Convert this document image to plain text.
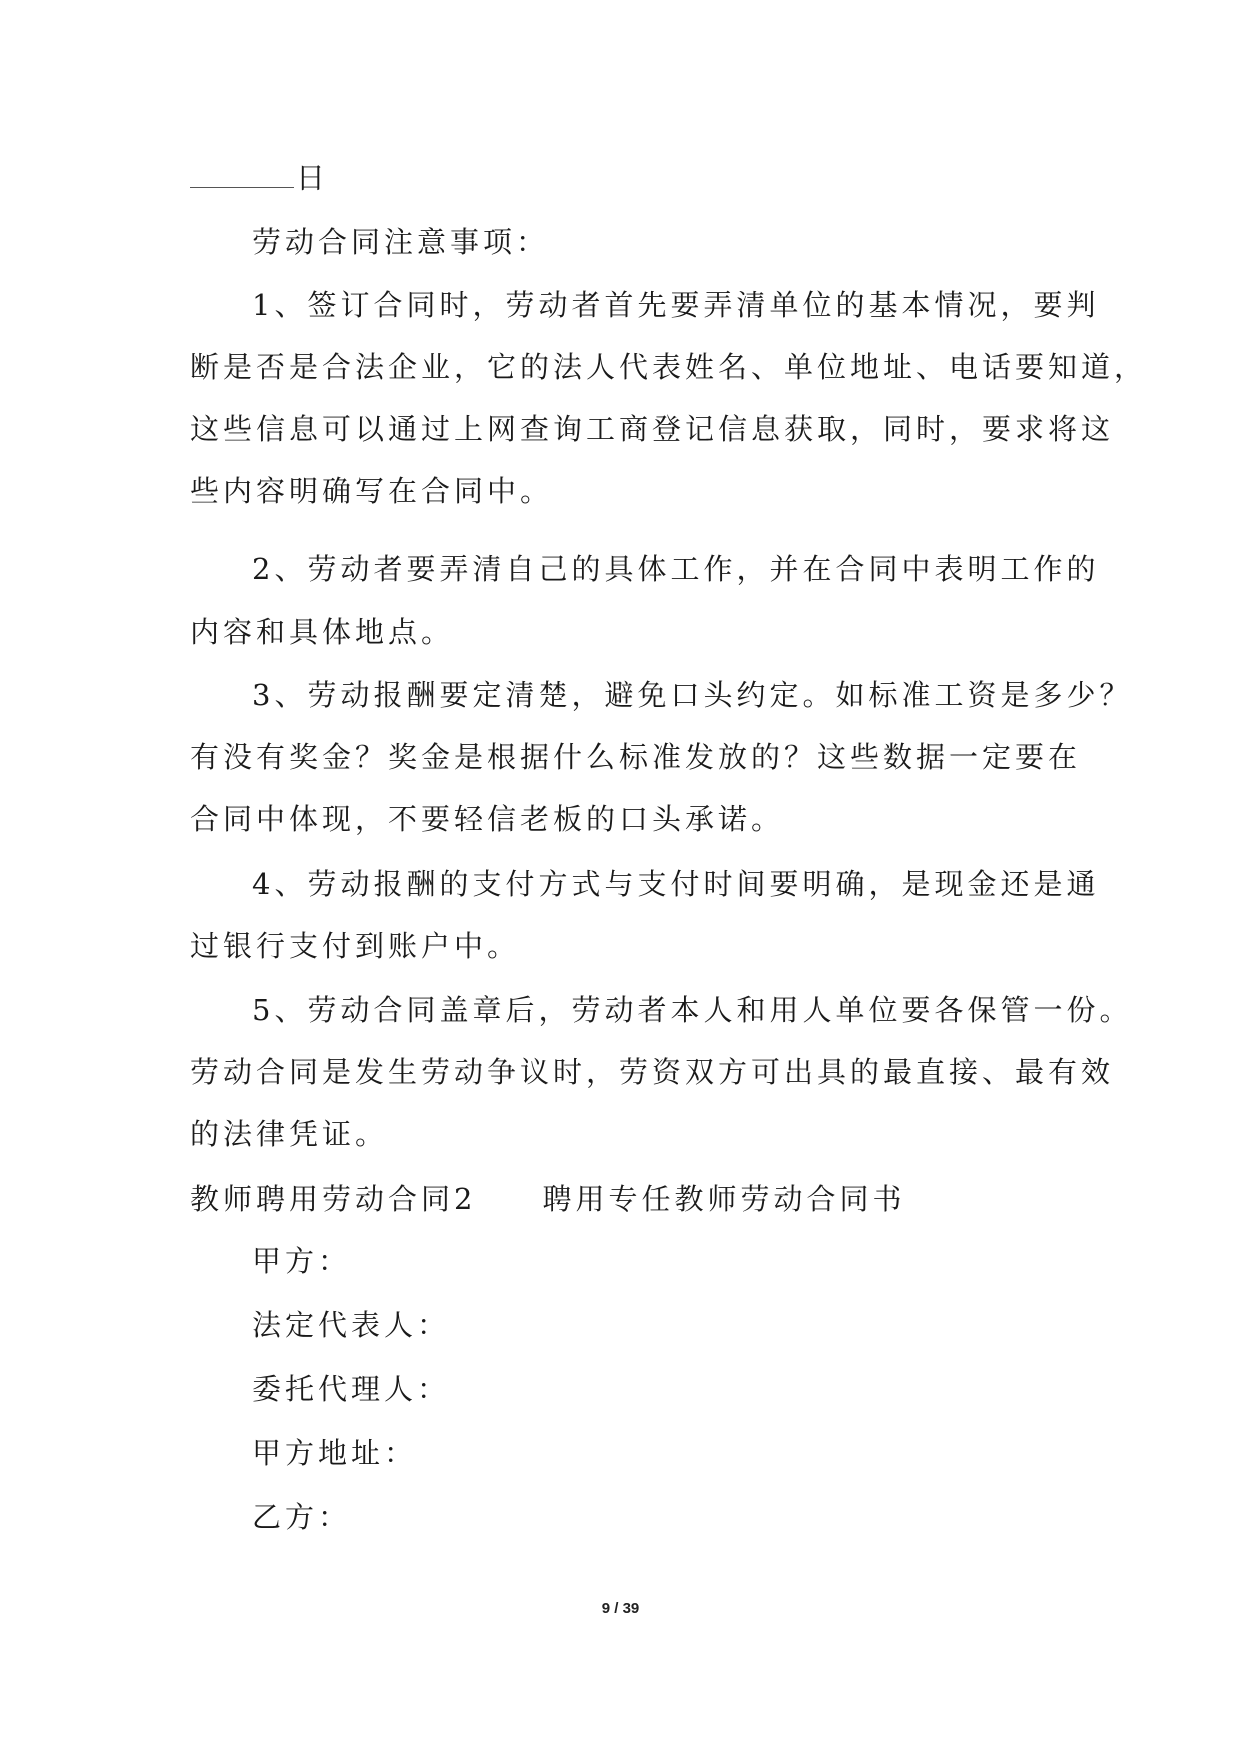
日
劳动合同注意事项：
1、签订合同时，劳动者首先要弄清单位的基本情况，要判
断是否是合法企业，它的法人代表姓名、单位地址、电话要知道，
这些信息可以通过上网查询工商登记信息获取，同时，要求将这
些内容明确写在合同中。
2、劳动者要弄清自己的具体工作，并在合同中表明工作的
内容和具体地点。
3、劳动报酬要定清楚，避免口头约定。如标准工资是多少？
有没有奖金？奖金是根据什么标准发放的？这些数据一定要在
合同中体现，不要轻信老板的口头承诺。
4、劳动报酬的支付方式与支付时间要明确，是现金还是通
过银行支付到账户中。
5、劳动合同盖章后，劳动者本人和用人单位要各保管一份。
劳动合同是发生劳动争议时，劳资双方可出具的最直接、最有效
的法律凭证。
教师聘用劳动合同2　　聘用专任教师劳动合同书
甲方：
法定代表人：
委托代理人：
甲方地址：
乙方：
9 / 39
